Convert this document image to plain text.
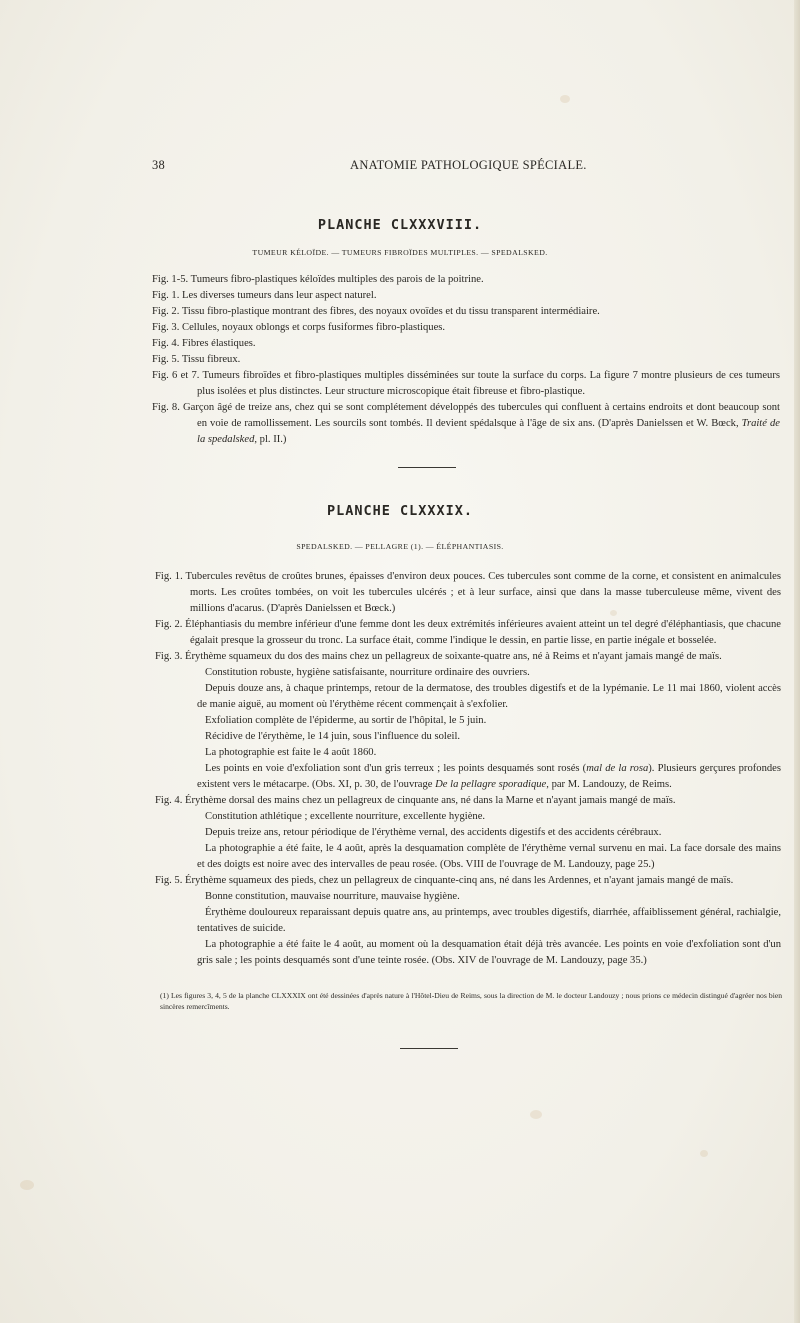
38	ANATOMIE PATHOLOGIQUE SPÉCIALE.
PLANCHE CLXXXVIII.
TUMEUR KÉLOÏDE. — TUMEURS FIBROÏDES MULTIPLES. — SPEDALSKED.

Fig. 1-5. Tumeurs fibro-plastiques kéloïdes multiples des parois de la poitrine.

Fig. 1. Les diverses tumeurs dans leur aspect naturel.

Fig. 2. Tissu fibro-plastique montrant des fibres, des noyaux ovoïdes et du tissu transparent intermédiaire.

Fig. 3. Cellules, noyaux oblongs et corps fusiformes fibro-plastiques.

Fig. 4. Fibres élastiques.

Fig. 5. Tissu fibreux.

Fig. 6 et 7. Tumeurs fibroïdes et fibro-plastiques multiples disséminées sur toute la surface du corps. La figure 7 montre plusieurs de ces tumeurs plus isolées et plus distinctes. Leur structure microscopique était fibreuse et fibro-plastique.

Fig. 8. Garçon âgé de treize ans, chez qui se sont complétement développés des tubercules qui confluent à certains endroits et dont beaucoup sont en voie de ramollissement. Les sourcils sont tombés. Il devient spédalsque à l'âge de six ans. (D'après Danielssen et W. Bœck, Traité de la spedalsked, pl. II.)

PLANCHE CLXXXIX.
SPEDALSKED. — PELLAGRE (1). — ÉLÉPHANTIASIS.

Fig. 1. Tubercules revêtus de croûtes brunes, épaisses d'environ deux pouces. Ces tubercules sont comme de la corne, et consistent en animalcules morts. Les croûtes tombées, on voit les tubercules ulcérés ; et à leur surface, ainsi que dans la masse tuberculeuse même, vivent des millions d'acarus. (D'après Danielssen et Bœck.)

Fig. 2. Éléphantiasis du membre inférieur d'une femme dont les deux extrémités inférieures avaient atteint un tel degré d'éléphantiasis, que chacune égalait presque la grosseur du tronc. La surface était, comme l'indique le dessin, en partie lisse, en partie inégale et bosselée.

Fig. 3. Érythème squameux du dos des mains chez un pellagreux de soixante-quatre ans, né à Reims et n'ayant jamais mangé de maïs.

Constitution robuste, hygiène satisfaisante, nourriture ordinaire des ouvriers.

Depuis douze ans, à chaque printemps, retour de la dermatose, des troubles digestifs et de la lypémanie. Le 11 mai 1860, violent accès de manie aiguë, au moment où l'érythème récent commençait à s'exfolier.

Exfoliation complète de l'épiderme, au sortir de l'hôpital, le 5 juin.

Récidive de l'érythème, le 14 juin, sous l'influence du soleil.

La photographie est faite le 4 août 1860.

Les points en voie d'exfoliation sont d'un gris terreux ; les points desquamés sont rosés (mal de la rosa). Plusieurs gerçures profondes existent vers le métacarpe. (Obs. XI, p. 30, de l'ouvrage De la pellagre sporadique, par M. Landouzy, de Reims.

Fig. 4. Érythème dorsal des mains chez un pellagreux de cinquante ans, né dans la Marne et n'ayant jamais mangé de maïs.

Constitution athlétique ; excellente nourriture, excellente hygiène.

Depuis treize ans, retour périodique de l'érythème vernal, des accidents digestifs et des accidents cérébraux.

La photographie a été faite, le 4 août, après la desquamation complète de l'érythème vernal survenu en mai. La face dorsale des mains et des doigts est noire avec des intervalles de peau rosée. (Obs. VIII de l'ouvrage de M. Landouzy, page 25.)

Fig. 5. Érythème squameux des pieds, chez un pellagreux de cinquante-cinq ans, né dans les Ardennes, et n'ayant jamais mangé de maïs.

Bonne constitution, mauvaise nourriture, mauvaise hygiène.

Érythème douloureux reparaissant depuis quatre ans, au printemps, avec troubles digestifs, diarrhée, affaiblissement général, rachialgie, tentatives de suicide.

La photographie a été faite le 4 août, au moment où la desquamation était déjà très avancée. Les points en voie d'exfoliation sont d'un gris sale ; les points desquamés sont d'une teinte rosée. (Obs. XIV de l'ouvrage de M. Landouzy, page 35.)

(1) Les figures 3, 4, 5 de la planche CLXXXIX ont été dessinées d'après nature à l'Hôtel-Dieu de Reims, sous la direction de M. le docteur Landouzy ; nous prions ce médecin distingué d'agréer nos bien sincères remercîments.
